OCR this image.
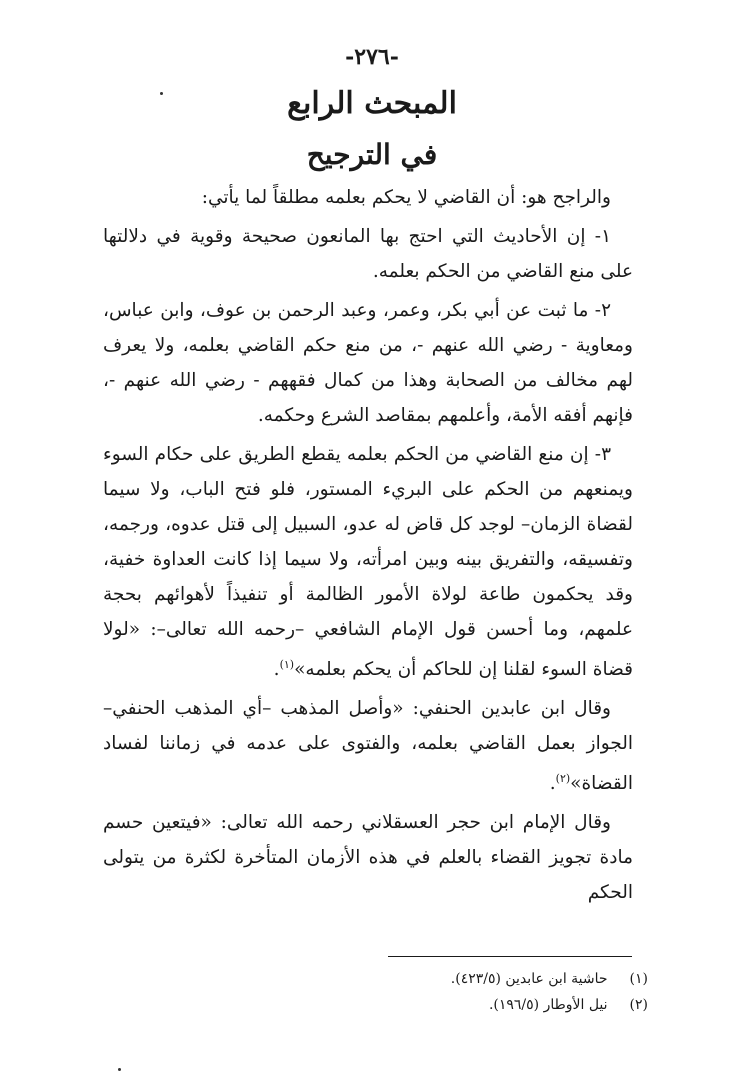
-٢٧٦-
المبحث الرابع
في الترجيح

والراجح هو: أن القاضي لا يحكم بعلمه مطلقاً لما يأتي:

١- إن الأحاديث التي احتج بها المانعون صحيحة وقوية في دلالتها على منع القاضي من الحكم بعلمه.

٢- ما ثبت عن أبي بكر، وعمر، وعبد الرحمن بن عوف، وابن عباس، ومعاوية - رضي الله عنهم -، من منع حكم القاضي بعلمه، ولا يعرف لهم مخالف من الصحابة وهذا من كمال فقههم - رضي الله عنهم -، فإنهم أفقه الأمة، وأعلمهم بمقاصد الشرع وحكمه.

٣- إن منع القاضي من الحكم بعلمه يقطع الطريق على حكام السوء ويمنعهم من الحكم على البريء المستور، فلو فتح الباب، ولا سيما لقضاة الزمان– لوجد كل قاض له عدو، السبيل إلى قتل عدوه، ورجمه، وتفسيقه، والتفريق بينه وبين امرأته، ولا سيما إذا كانت العداوة خفية، وقد يحكمون طاعة لولاة الأمور الظالمة أو تنفيذاً لأهوائهم بحجة علمهم، وما أحسن قول الإمام الشافعي –رحمه الله تعالى–: «لولا قضاة السوء لقلنا إن للحاكم أن يحكم بعلمه»$^{(١)}$.

وقال ابن عابدين الحنفي: «وأصل المذهب –أي المذهب الحنفي– الجواز بعمل القاضي بعلمه، والفتوى على عدمه في زماننا لفساد القضاة»$^{(٢)}$.

وقال الإمام ابن حجر العسقلاني رحمه الله تعالى: «فيتعين حسم مادة تجويز القضاء بالعلم في هذه الأزمان المتأخرة لكثرة من يتولى الحكم

(١) حاشية ابن عابدين (٤٢٣/٥).
(٢) نيل الأوطار (١٩٦/٥).
